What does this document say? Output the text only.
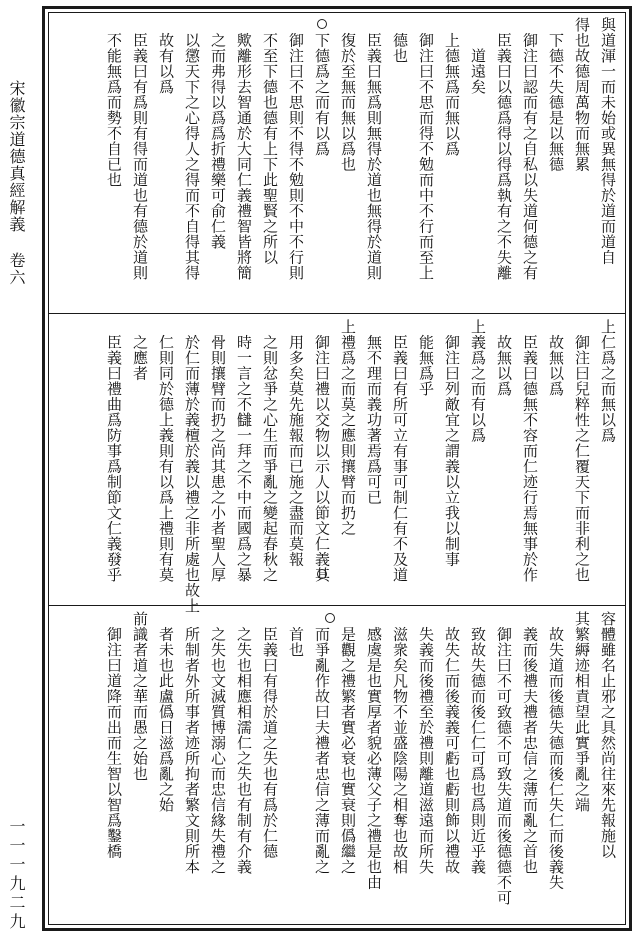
宋徽宗道德真經解義
卷六
一一一九二九
與道渾一而未始或異無得於道而道自
得也故德周萬物而無累
　下德不失德是以無德
　御注曰認而有之自私以失道何德之有
　臣義曰以德爲得以得爲執有之不失離
　　道遠矣
　上德無爲而無以爲
　御注曰不思而得不勉而中不行而至上
　德也
　臣義曰無爲則無得於道也無得於道則
　復於至無而無以爲也
　下德爲之而有以爲
　御注曰不思則不得不勉則不中不行則
　不至下德也德有上下此聖賢之所以
　歟離形去智通於大同仁義禮智皆將簡
　之而弗得以爲爲折禮樂可俞仁義
　以懲天下之心得人之得而不自得其得
　故有以爲
　臣義曰有爲則有得而道也有德於道則
　不能無爲而勢不自已也
上仁爲之而無以爲
　御注曰兒粹性之仁覆天下而非利之也
　故無以爲
　臣義曰德無不容而仁迹行焉無事於作
　故無以爲
上義爲之而有以爲
　御注曰列敵宜之謂義以立我以制事
　能無爲乎
　臣義曰有所可立有事可制仁有不及道
　無不理而義功著焉爲可已
上禮爲之而莫之應則攘臂而扔之
　御注曰禮以交物以示人以節文仁義其
　用多矣莫先施報而已施之盡而莫報
　之則忿爭之心生而爭亂之變起春秋之
　時一言之不讎一拜之不中而國爲之暴
　骨則攘臂而扔之尚其患之小者聖人厚
　於仁而薄於義檀於義以禮之非所處也故上
　仁則同於德上義則有以爲上禮則有莫
　之應者
　臣義曰禮曲爲防事爲制節文仁義發乎
容體雖名止邪之具然尚往來先報施以
其繁縟迹相責望此實爭亂之端
　故失道而後德失德而後仁失仁而後義失
　義而後禮夫禮者忠信之薄而亂之首也
　御注曰不可致德不可致失道而後德德不可
　致故失德而後仁仁可爲也爲則近乎義
　故失仁而後義義可虧也虧則飾以禮故
　失義而後禮至於禮則離道滋遠而所失
　滋衆矣凡物不並盛陰陽之相奪也故相
　感虞是也實厚者貌必薄父子之禮是也由
　是觀之禮繁者實必衰也實衰則僞繼之
　而爭亂作故曰夫禮者忠信之薄而亂之
　首也
　臣義曰有得於道之失也有爲於仁德
　之失也相應相濡仁之失也有制有介義
　之失也文滅質博溺心而忠信緣失禮之
　所制者外所事者迹所拘者繁文則所本
　者未也此盧僞日滋爲亂之始
前識者道之華而愚之始也
　御注曰道降而出而生智以智爲鑿橋
